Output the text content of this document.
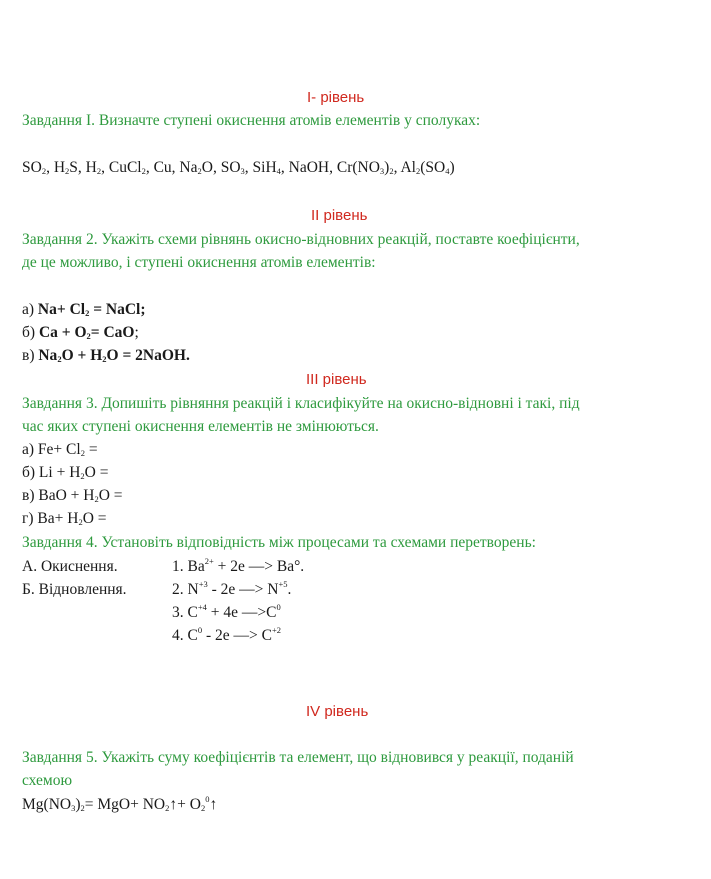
I- рівень
Завдання І. Визначте ступені окиснення атомів елементів у сполуках:
$SO_2$, $H_2S$, $H_2$, CuCl$_2$, Cu, $Na_2O$, $SO_3$, SiH$_4$, NaOH, $Cr(NO_3)_2$, $Al_2(SO_4)$
II рівень
Завдання 2. Укажіть схеми рівнянь окисно-відновних реакцій, поставте коефіцієнти,
де це можливо, і ступені окиснення атомів елементів:
а) $Na+ Cl_2$ = NaCl;
б) $Ca + O_2=$ CaO;
в) $Na_2O + H_2O$ = 2NaOH.
III рівень
Завдання 3. Допишіть рівняння реакцій і класифікуйте на окисно-відновні і такі, під
час яких ступені окиснення елементів не змінюються.
а) $Fe+ Cl_2$ =
б) $Li + H_2O$ =
в) BaO + $H_2O$ =
г) $Ba+ H_2O$ =
Завдання 4. Установіть відповідність між процесами та схемами перетворень:
А. Окиснення.
Б. Відновлення.
1. $Ba^{2+} + 2e$ —> Ba°.
2. $N^{+3} - 2e$ —> $N^{+5}$.
3. $C^{+4} + 4e$ $—>C^0$
4. $C^0 - 2e$ —> $C^{+2}$
IV рівень
Завдання 5. Укажіть суму коефіцієнтів та елемент, що відновився у реакції, поданій
схемою
$Mg(NO_3)_2= MgO+$ $NO_2↑+$ $O_2^0↑$
